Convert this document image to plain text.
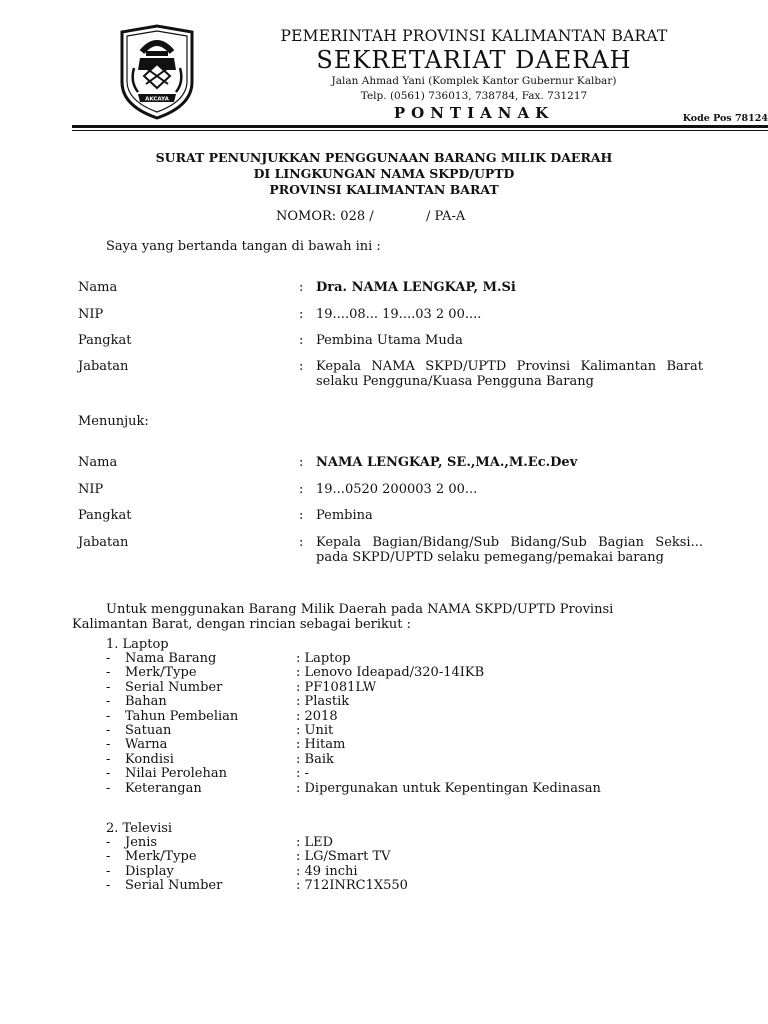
AKCAYA
PEMERINTAH PROVINSI KALIMANTAN BARAT
SEKRETARIAT DAERAH
Jalan Ahmad Yani (Komplek Kantor Gubernur Kalbar)
Telp. (0561) 736013, 738784, Fax. 731217
PONTIANAK	Kode Pos 78124
SURAT PENUNJUKKAN PENGGUNAAN BARANG MILIK DAERAH
DI LINGKUNGAN NAMA SKPD/UPTD
PROVINSI KALIMANTAN BARAT
NOMOR: 028 /	/ PA-A
Saya yang bertanda tangan di bawah ini :
Nama	: Dra. NAMA LENGKAP, M.Si
NIP	: 19....08... 19....03 2 00....
Pangkat	: Pembina Utama Muda
Jabatan	: Kepala NAMA SKPD/UPTD Provinsi Kalimantan Barat selaku Pengguna/Kuasa Pengguna Barang
Menunjuk:
Nama	: NAMA LENGKAP, SE.,MA.,M.Ec.Dev
NIP	: 19...0520 200003 2 00...
Pangkat	: Pembina
Jabatan	: Kepala Bagian/Bidang/Sub Bidang/Sub Bagian Seksi... pada SKPD/UPTD selaku pemegang/pemakai barang
Untuk menggunakan Barang Milik Daerah pada NAMA SKPD/UPTD Provinsi
Kalimantan Barat, dengan rincian sebagai berikut :
1. Laptop
- Nama Barang	: Laptop
- Merk/Type	: Lenovo Ideapad/320-14IKB
- Serial Number	: PF1081LW
- Bahan	: Plastik
- Tahun Pembelian	: 2018
- Satuan	: Unit
- Warna	: Hitam
- Kondisi	: Baik
- Nilai Perolehan	: -
- Keterangan	: Dipergunakan untuk Kepentingan Kedinasan
2. Televisi
- Jenis	: LED
- Merk/Type	: LG/Smart TV
- Display	: 49 inchi
- Serial Number	: 712INRC1X550
